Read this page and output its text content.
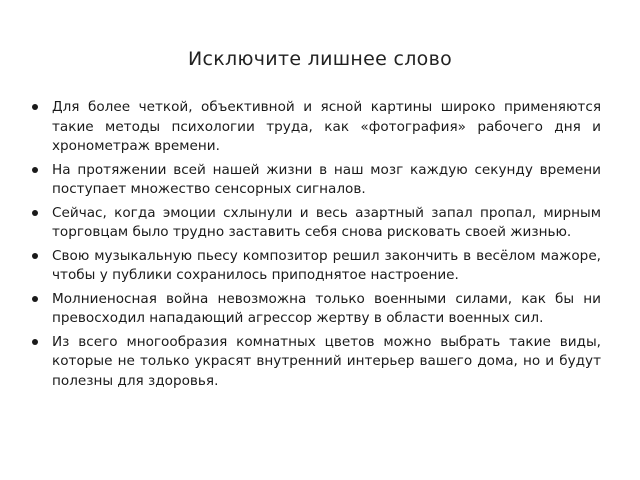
Исключите лишнее слово
Для более четкой, объективной и ясной картины широко применяются такие методы психологии труда, как «фотография» рабочего дня и хронометраж времени.
На протяжении всей нашей жизни в наш мозг каждую секунду времени поступает множество сенсорных сигналов.
Сейчас, когда эмоции схлынули и весь азартный запал пропал, мирным торговцам было трудно заставить себя снова рисковать своей жизнью.
Свою музыкальную пьесу композитор решил закончить в весёлом мажоре, чтобы у публики сохранилось приподнятое настроение.
Молниеносная война невозможна только военными силами, как бы ни превосходил нападающий агрессор жертву в области военных сил.
Из всего многообразия комнатных цветов можно выбрать такие виды, которые не только украсят внутренний интерьер вашего дома, но и будут полезны для здоровья.
